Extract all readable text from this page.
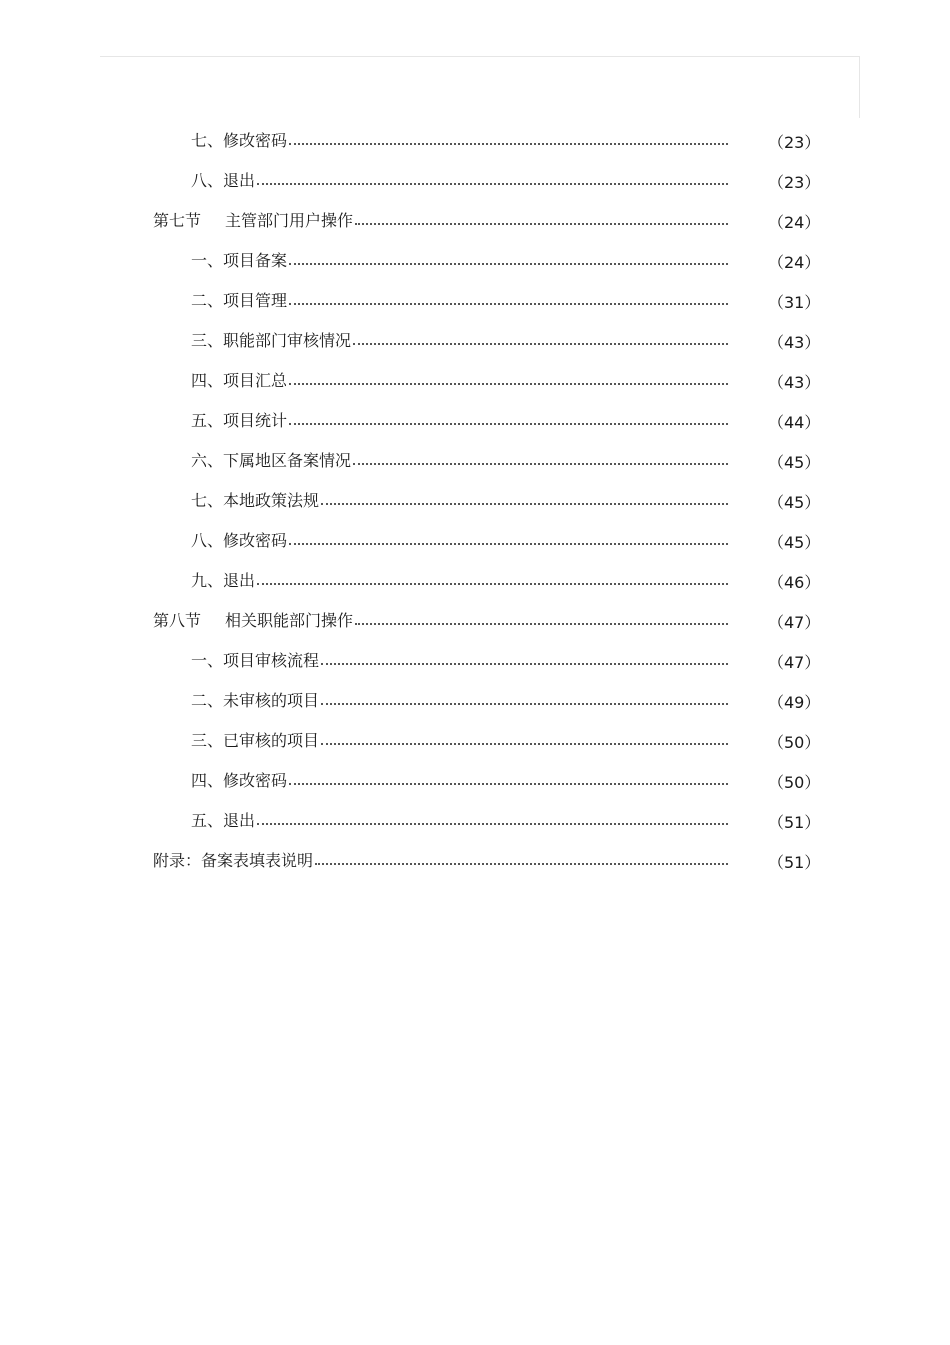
七、 修改密码	（23）
八、 退出	（23）
第七节 主管部门用户操作	（24）
一、 项目备案	（24）
二、 项目管理	（31）
三、 职能部门审核情况	（43）
四、 项目汇总	（43）
五、 项目统计	（44）
六、 下属地区备案情况	（45）
七、 本地政策法规	（45）
八、 修改密码	（45）
九、 退出	（46）
第八节 相关职能部门操作	（47）
一、 项目审核流程	（47）
二、 未审核的项目	（49）
三、 已审核的项目	（50）
四、 修改密码	（50）
五、 退出	（51）
附录： 备案表填表说明	（51）
